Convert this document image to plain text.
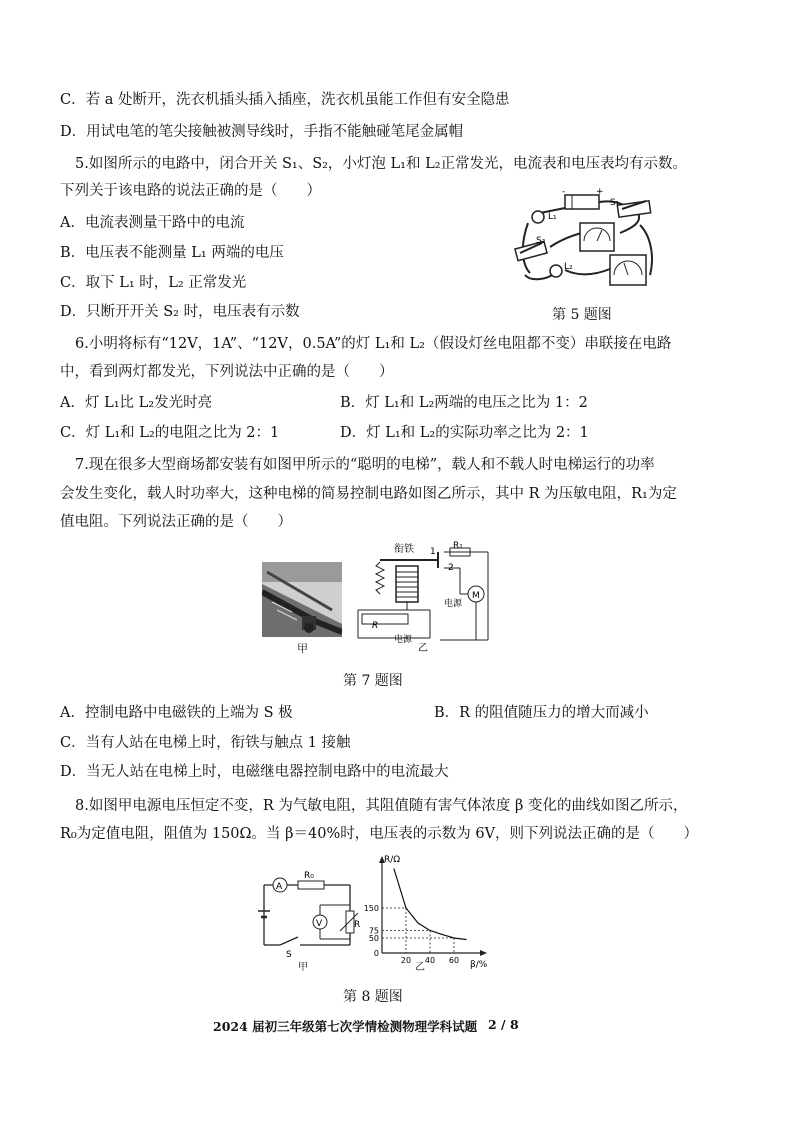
C．若 a 处断开，洗衣机插头插入插座，洗衣机虽能工作但有安全隐患
D．用试电笔的笔尖接触被测导线时，手指不能触碰笔尾金属帽
5.如图所示的电路中，闭合开关 S₁、S₂，小灯泡 L₁和 L₂正常发光，电流表和电压表均有示数。
下列关于该电路的说法正确的是（　　）
A．电流表测量干路中的电流
B．电压表不能测量 L₁ 两端的电压
C．取下 L₁ 时，L₂ 正常发光
D．只断开开关 S₂ 时，电压表有示数
-	+
L₁
S₁
S₂
L₂
第 5 题图
6.小明将标有“12V，1A”、“12V，0.5A”的灯 L₁和 L₂（假设灯丝电阻都不变）串联接在电路
中，看到两灯都发光，下列说法中正确的是（　　）
A．灯 L₁比 L₂发光时亮	B．灯 L₁和 L₂两端的电压之比为 1：2
C．灯 L₁和 L₂的电阻之比为 2：1	D．灯 L₁和 L₂的实际功率之比为 2：1
7.现在很多大型商场都安装有如图甲所示的“聪明的电梯”，载人和不载人时电梯运行的功率
会发生变化，载人时功率大，这种电梯的简易控制电路如图乙所示，其中 R 为压敏电阻，R₁为定
值电阻。下列说法正确的是（　　）
甲
衔铁 1
2
R₁
R
电源
M
电源
乙
第 7 题图
A．控制电路中电磁铁的上端为 S 极	B．R 的阻值随压力的增大而减小
C．当有人站在电梯上时，衔铁与触点 1 接触
D．当无人站在电梯上时，电磁继电器控制电路中的电流最大
8.如图甲电源电压恒定不变，R 为气敏电阻，其阻值随有害气体浓度 β 变化的曲线如图乙所示，
R₀为定值电阻，阻值为 150Ω。当 β＝40%时，电压表的示数为 6V，则下列说法正确的是（　　）
A
R₀
R
V
S
甲
R/Ω
β/%
150
75
50
0
20 40 60
乙
第 8 题图
2024 届初三年级第七次学情检测物理学科试题 2 / 8
